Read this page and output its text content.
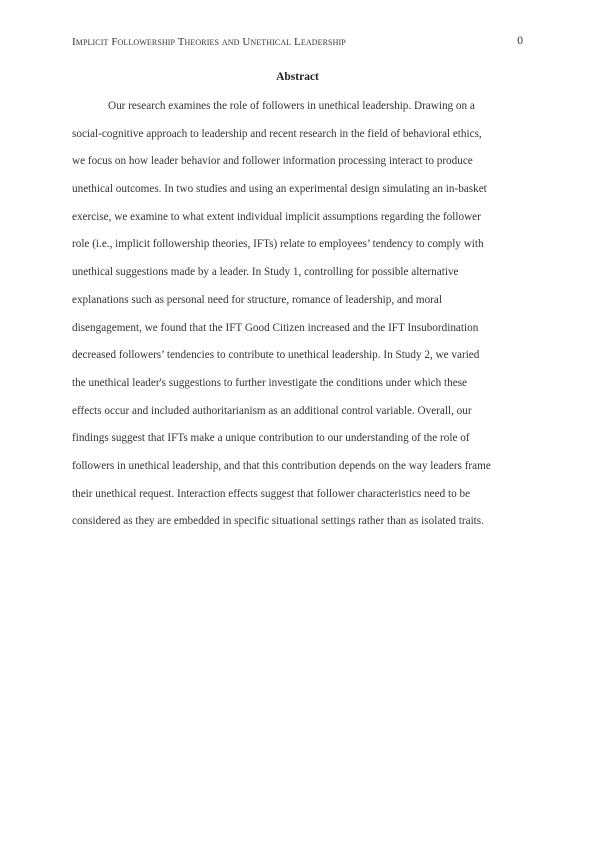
Implicit Followership Theories and Unethical Leadership	0
Abstract
Our research examines the role of followers in unethical leadership. Drawing on a
social-cognitive approach to leadership and recent research in the field of behavioral ethics,
we focus on how leader behavior and follower information processing interact to produce
unethical outcomes. In two studies and using an experimental design simulating an in-basket
exercise, we examine to what extent individual implicit assumptions regarding the follower
role (i.e., implicit followership theories, IFTs) relate to employees’ tendency to comply with
unethical suggestions made by a leader. In Study 1, controlling for possible alternative
explanations such as personal need for structure, romance of leadership, and moral
disengagement, we found that the IFT Good Citizen increased and the IFT Insubordination
decreased followers’ tendencies to contribute to unethical leadership. In Study 2, we varied
the unethical leader's suggestions to further investigate the conditions under which these
effects occur and included authoritarianism as an additional control variable. Overall, our
findings suggest that IFTs make a unique contribution to our understanding of the role of
followers in unethical leadership, and that this contribution depends on the way leaders frame
their unethical request. Interaction effects suggest that follower characteristics need to be
considered as they are embedded in specific situational settings rather than as isolated traits.
